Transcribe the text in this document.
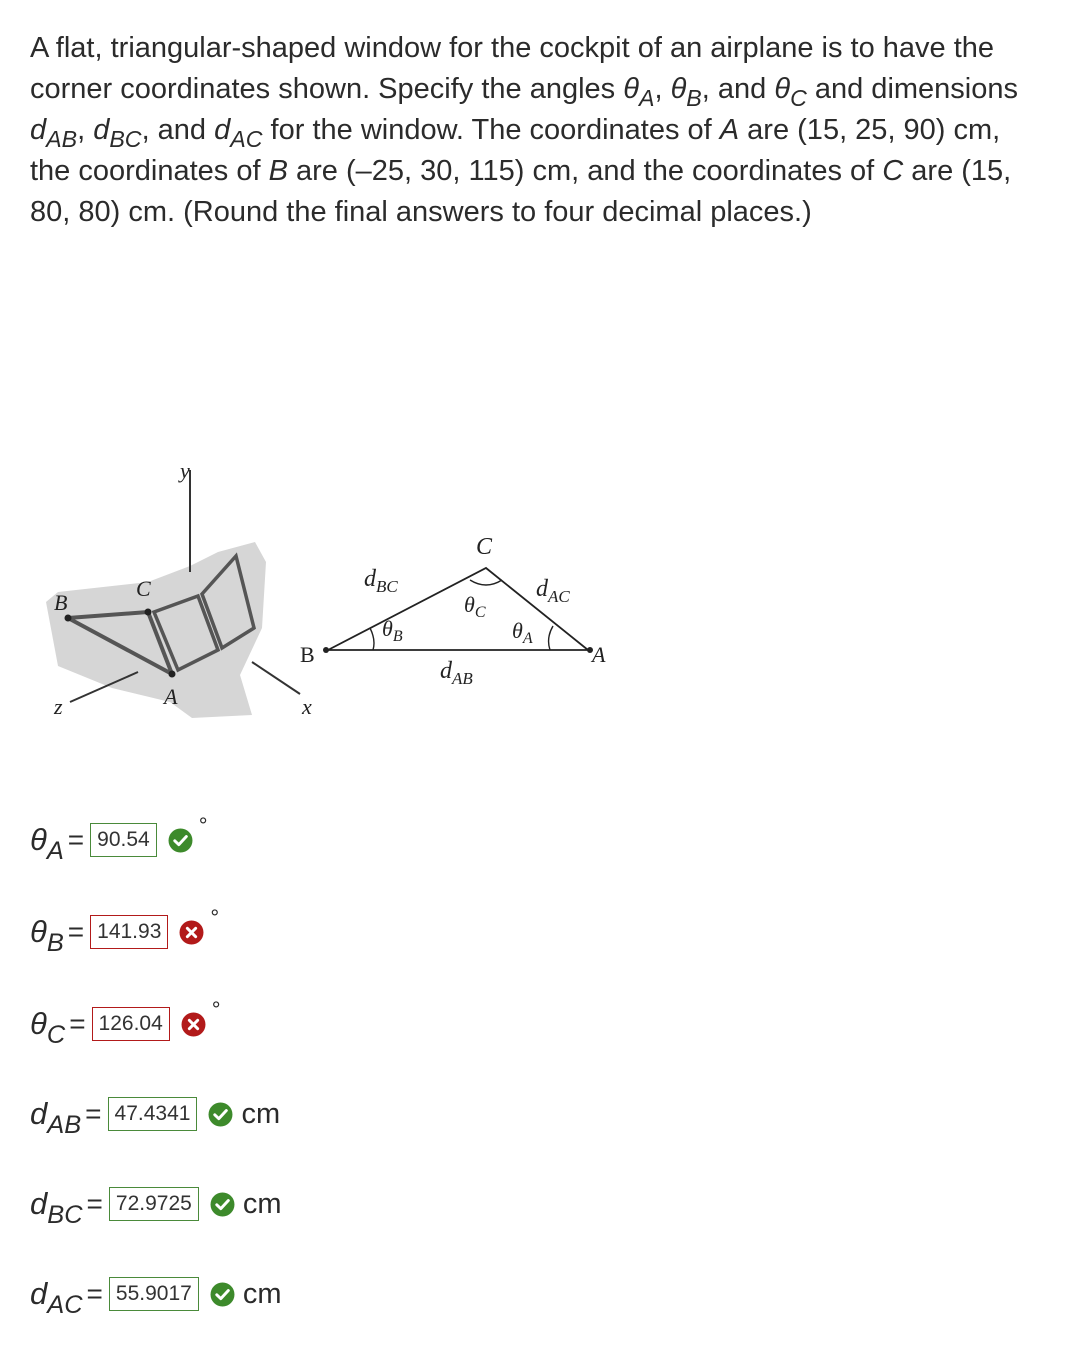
A flat, triangular-shaped window for the cockpit of an airplane is to have the corner coordinates shown. Specify the angles $\theta_A$, $\theta_B$, and $\theta_C$ and dimensions $d_{AB}$, $d_{BC}$, and $d_{AC}$ for the window. The coordinates of A are (15, 25, 90) cm, the coordinates of B are (–25, 30, 115) cm, and the coordinates of C are (15, 80, 80) cm. (Round the final answers to four decimal places.)

y
z	x
B
C
A
B
C
A
$d_{BC}$	$d_{AC}$
$d_{AB}$
$\theta_B$
$\theta_C$
$\theta_A$
$\theta_A = 90.54$
°
$\theta_B = 141.93$
°
$\theta_C = 126.04$
°
$d_{AB} = 47.4341$ cm
$d_{BC} = 72.9725$ cm
$d_{AC} = 55.9017$ cm
